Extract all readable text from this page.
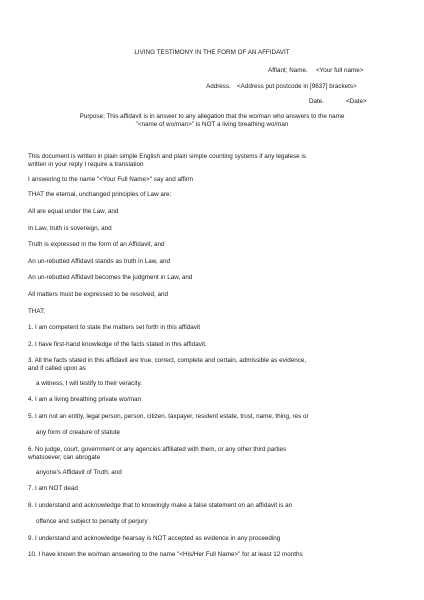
LIVING TESTIMONY IN THE FORM OF AN AFFIDAVIT

Affiant; Name. <Your full name>

Address. <Address put postcode in [9637] brackets>

Date.	<Date>

Purpose; This affidavit is in answer to any allegation that the wo/man who answers to the name

"<name of wo/man>" is NOT a living breathing wo/man

This document is written in plain simple English and plain simple counting systems if any legalese is

written in your reply I require a translation

I answering to the name "<Your Full Name>" say and affirm

THAT the eternal, unchanged principles of Law are:

All are equal under the Law, and

In Law, truth is sovereign, and

Truth is expressed in the form of an Affidavit, and

An un-rebutted Affidavit stands as truth in Law, and

An un-rebutted Affidavit becomes the judgment in Law, and

All matters must be expressed to be resolved, and

THAT;

1. I am competent to state the matters set forth in this affidavit

2. I have first-hand knowledge of the facts stated in this affidavit.

3. All the facts stated in this affidavit are true, correct, complete and certain, admissible as evidence,

and if called upon as

a witness, I will testify to their veracity.

4. I am a living breathing private wo/man

5. I am not an entity, legal person, person, citizen, taxpayer, resident estate, trust, name, thing, res or

any form of creature of statute

6. No judge, court, government or any agencies affiliated with them, or any other third parties

whatsoever, can abrogate

anyone's Affidavit of Truth; and

7. I am NOT dead

8. I understand and acknowledge that to knowingly make a false statement on an affidavit is an

offence and subject to penalty of perjury

9. I understand and acknowledge hearsay is NOT accepted as evidence in any proceeding

10. I have known the wo/man answering to the name "<His/Her Full Name>" for at least 12 months
